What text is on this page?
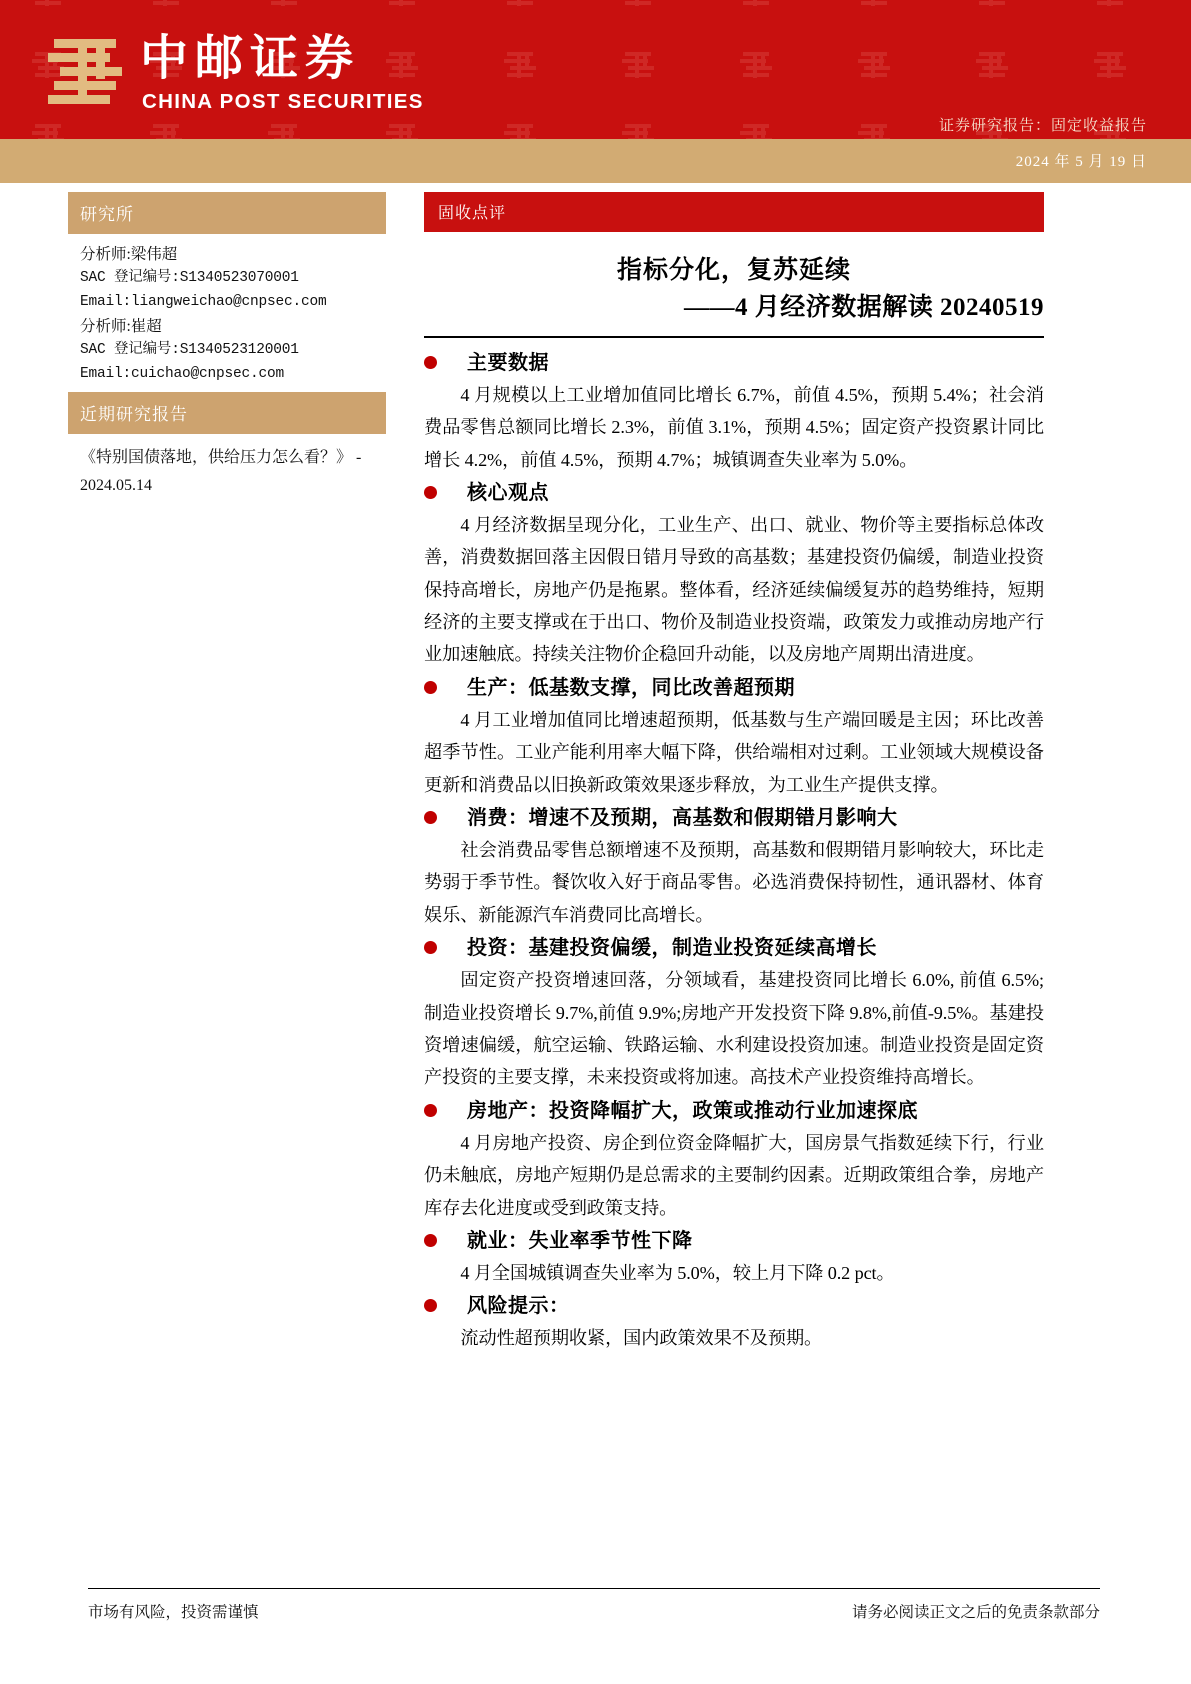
中邮证券
CHINA POST SECURITIES
证券研究报告：固定收益报告
2024 年 5 月 19 日
研究所
分析师:梁伟超
SAC 登记编号:S1340523070001
Email:liangweichao@cnpsec.com
分析师:崔超
SAC 登记编号:S1340523120001
Email:cuichao@cnpsec.com
近期研究报告
《特别国债落地，供给压力怎么看？》 - 2024.05.14
固收点评
指标分化，复苏延续
——4 月经济数据解读 20240519
主要数据

4 月规模以上工业增加值同比增长 6.7%，前值 4.5%，预期 5.4%；社会消费品零售总额同比增长 2.3%，前值 3.1%，预期 4.5%；固定资产投资累计同比增长 4.2%，前值 4.5%，预期 4.7%；城镇调查失业率为 5.0%。

核心观点

4 月经济数据呈现分化，工业生产、出口、就业、物价等主要指标总体改善，消费数据回落主因假日错月导致的高基数；基建投资仍偏缓，制造业投资保持高增长，房地产仍是拖累。整体看，经济延续偏缓复苏的趋势维持，短期经济的主要支撑或在于出口、物价及制造业投资端，政策发力或推动房地产行业加速触底。持续关注物价企稳回升动能，以及房地产周期出清进度。

生产：低基数支撑，同比改善超预期

4 月工业增加值同比增速超预期，低基数与生产端回暖是主因；环比改善超季节性。工业产能利用率大幅下降，供给端相对过剩。工业领域大规模设备更新和消费品以旧换新政策效果逐步释放，为工业生产提供支撑。

消费：增速不及预期，高基数和假期错月影响大

社会消费品零售总额增速不及预期，高基数和假期错月影响较大，环比走势弱于季节性。餐饮收入好于商品零售。必选消费保持韧性，通讯器材、体育娱乐、新能源汽车消费同比高增长。

投资：基建投资偏缓，制造业投资延续高增长

固定资产投资增速回落，分领域看，基建投资同比增长 6.0%, 前值 6.5%;制造业投资增长 9.7%,前值 9.9%;房地产开发投资下降 9.8%,前值-9.5%。基建投资增速偏缓，航空运输、铁路运输、水利建设投资加速。制造业投资是固定资产投资的主要支撑，未来投资或将加速。高技术产业投资维持高增长。

房地产：投资降幅扩大，政策或推动行业加速探底

4 月房地产投资、房企到位资金降幅扩大，国房景气指数延续下行，行业仍未触底，房地产短期仍是总需求的主要制约因素。近期政策组合拳，房地产库存去化进度或受到政策支持。

就业：失业率季节性下降

4 月全国城镇调查失业率为 5.0%，较上月下降 0.2 pct。

风险提示：

流动性超预期收紧，国内政策效果不及预期。

市场有风险，投资需谨慎	请务必阅读正文之后的免责条款部分
